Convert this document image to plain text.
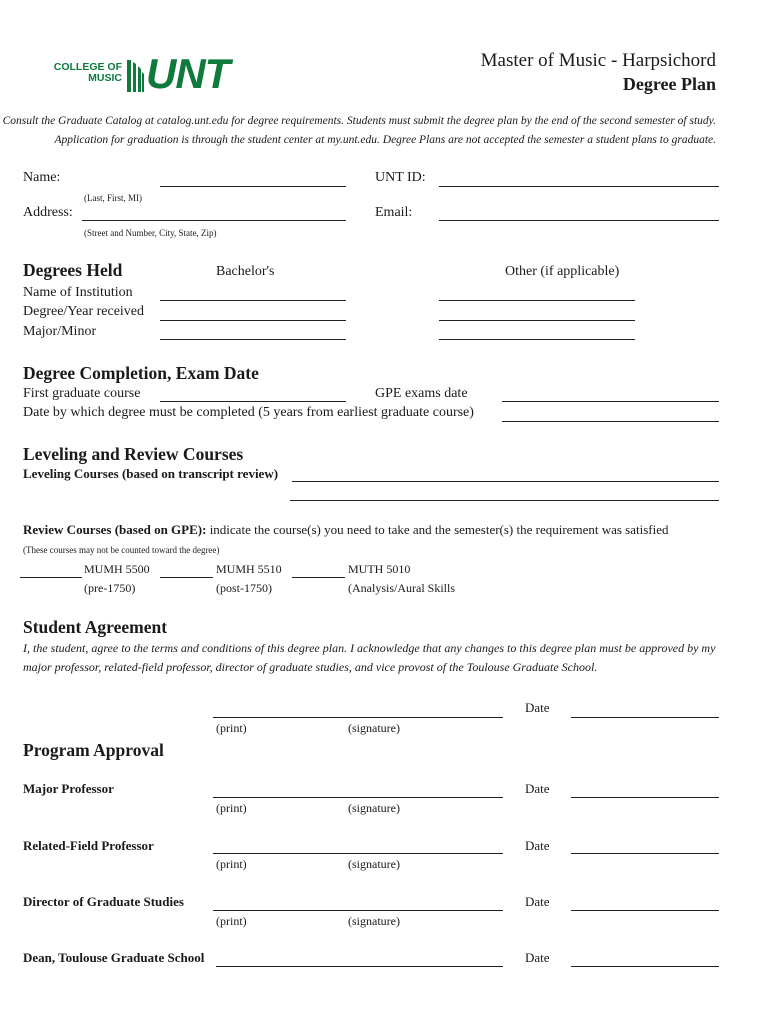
COLLEGE OF
MUSIC UNT	Master of Music - Harpsichord
Degree Plan
Consult the Graduate Catalog at catalog.unt.edu for degree requirements. Students must submit the degree plan by the end of the second semester of study.
Application for graduation is through the student center at my.unt.edu. Degree Plans are not accepted the semester a student plans to graduate.
Name:
(Last, First, MI)
UNT ID:
Address:
(Street and Number, City, State, Zip)
Email:
Degrees Held	Bachelor's	Other (if applicable)
Name of Institution
Degree/Year received
Major/Minor
Degree Completion, Exam Date
First graduate course	GPE exams date
Date by which degree must be completed (5 years from earliest graduate course)
Leveling and Review Courses
Leveling Courses (based on transcript review)
Review Courses (based on GPE): indicate the course(s) you need to take and the semester(s) the requirement was satisfied
(These courses may not be counted toward the degree)
MUMH 5500
(pre-1750)
MUMH 5510
(post-1750)
MUTH 5010
(Analysis/Aural Skills
Student Agreement
I, the student, agree to the terms and conditions of this degree plan. I acknowledge that any changes to this degree plan must be approved by my
major professor, related-field professor, director of graduate studies, and vice provost of the Toulouse Graduate School.
Date
(print)	(signature)
Program Approval
Major Professor	Date
(print)	(signature)
Related-Field Professor	Date
(print)	(signature)
Director of Graduate Studies	Date
(print)	(signature)
Dean, Toulouse Graduate School	Date
